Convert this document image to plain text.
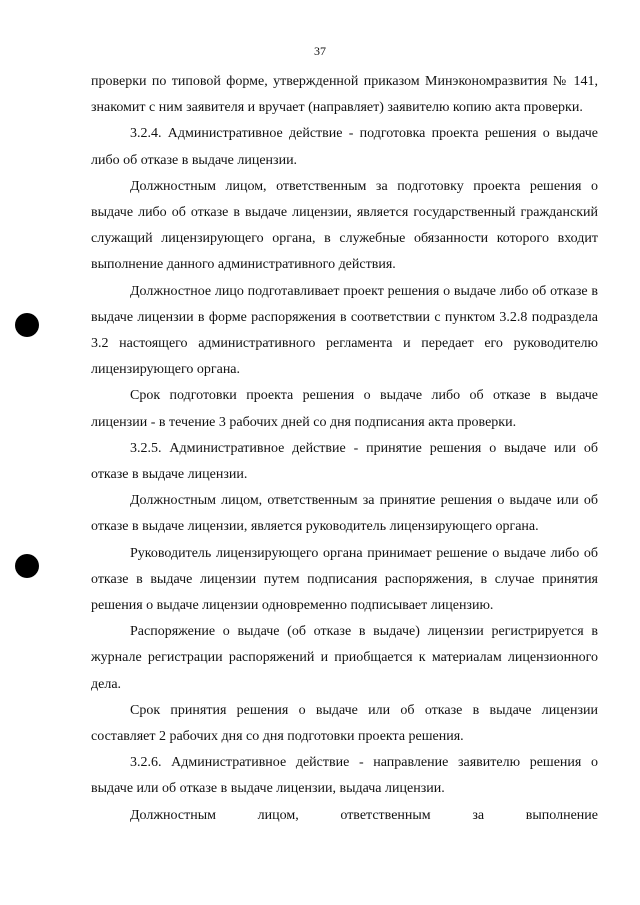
37

проверки по типовой форме, утвержденной приказом Минэкономразвития № 141, знакомит с ним заявителя и вручает (направляет) заявителю копию акта проверки.

3.2.4. Административное действие - подготовка проекта решения о выдаче либо об отказе в выдаче лицензии.

Должностным лицом, ответственным за подготовку проекта решения о выдаче либо об отказе в выдаче лицензии, является государственный гражданский служащий лицензирующего органа, в служебные обязанности которого входит выполнение данного административного действия.

Должностное лицо подготавливает проект решения о выдаче либо об отказе в выдаче лицензии в форме распоряжения в соответствии с пунктом 3.2.8 подраздела 3.2 настоящего административного регламента и передает его руководителю лицензирующего органа.

Срок подготовки проекта решения о выдаче либо об отказе в выдаче лицензии - в течение 3 рабочих дней со дня подписания акта проверки.

3.2.5. Административное действие - принятие решения о выдаче или об отказе в выдаче лицензии.

Должностным лицом, ответственным за принятие решения о выдаче или об отказе в выдаче лицензии, является руководитель лицензирующего органа.

Руководитель лицензирующего органа принимает решение о выдаче либо об отказе в выдаче лицензии путем подписания распоряжения, в случае принятия решения о выдаче лицензии одновременно подписывает лицензию.

Распоряжение о выдаче (об отказе в выдаче) лицензии регистрируется в журнале регистрации распоряжений и приобщается к материалам лицензионного дела.

Срок принятия решения о выдаче или об отказе в выдаче лицензии составляет 2 рабочих дня со дня подготовки проекта решения.

3.2.6. Административное действие - направление заявителю решения о выдаче или об отказе в выдаче лицензии, выдача лицензии.

Должностным лицом, ответственным за выполнение
